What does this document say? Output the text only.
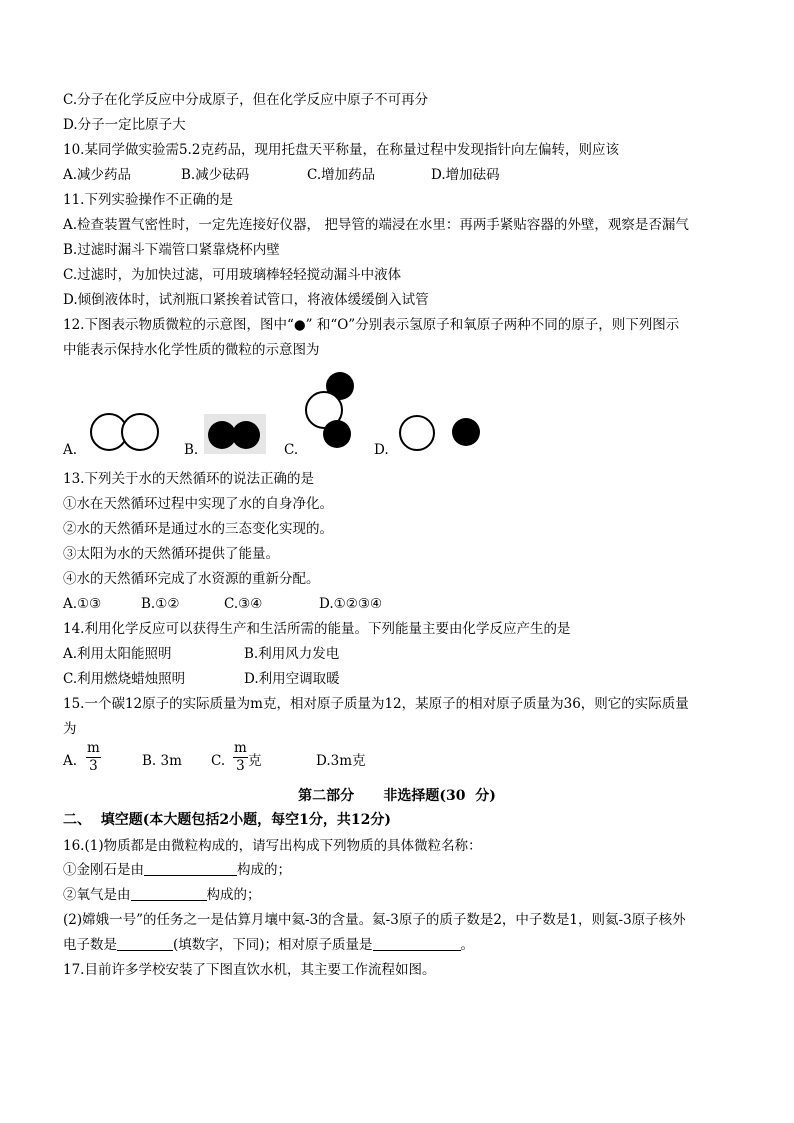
C.分子在化学反应中分成原子，但在化学反应中原子不可再分
D.分子一定比原子大
10.某同学做实验需5.2克药品，现用托盘天平称量，在称量过程中发现指针向左偏转，则应该
A.减少药品	B.减少砝码	C.增加药品	D.增加砝码
11.下列实验操作不正确的是
A.检查装置气密性时，一定先连接好仪器， 把导管的端浸在水里：再两手紧贴容器的外壁，观察是否漏气
B.过滤时漏斗下端管口紧靠烧杯内壁
C.过滤时，为加快过滤，可用玻璃棒轻轻搅动漏斗中液体
D.倾倒液体时，试剂瓶口紧挨着试管口，将液体缓缓倒入试管
12.下图表示物质微粒的示意图，图中“●” 和“O”分别表示氢原子和氧原子两种不同的原子，则下列图示
中能表示保持水化学性质的微粒的示意图为
A.	B.	C.	D.
13.下列关于水的天然循环的说法正确的是
①水在天然循环过程中实现了水的自身净化。
②水的天然循环是通过水的三态变化实现的。
③太阳为水的天然循环提供了能量。
④水的天然循环完成了水资源的重新分配。
A.①③	B.①②	C.③④	D.①②③④
14.利用化学反应可以获得生产和生活所需的能量。下列能量主要由化学反应产生的是
A.利用太阳能照明	B.利用风力发电
C.利用燃烧蜡烛照明	D.利用空调取暖
15.一个碳12原子的实际质量为m克，相对原子质量为12，某原子的相对原子质量为36，则它的实际质量
为
A.
m
3	B. 3m C.
m
3 克	D.3m克
第二部分      非选择题(30  分)
二、  填空题(本大题包括2小题，每空1分，共12分)
16.(1)物质都是由微粒构成的，请写出构成下列物质的具体微粒名称：
①金刚石是由	构成的；
②氧气是由	构成的；
(2)嫦娥一号”的任务之一是估算月壤中氦-3的含量。氦-3原子的质子数是2，中子数是1，则氦-3原子核外
电子数是	(填数字，下同)；相对原子质量是	。
17.目前许多学校安装了下图直饮水机，其主要工作流程如图。
